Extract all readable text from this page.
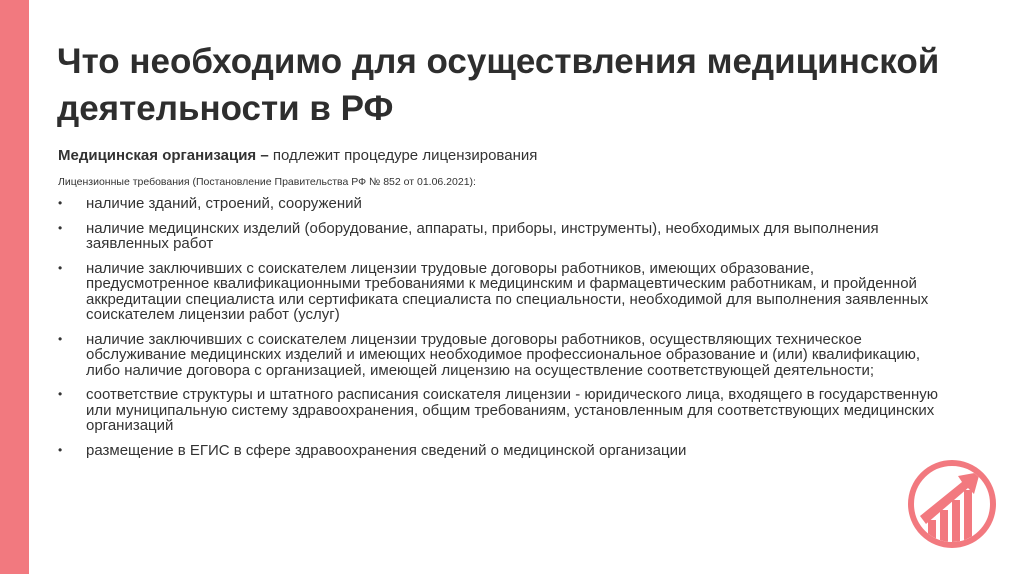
Что необходимо для осуществления медицинской деятельности в РФ
Медицинская организация – подлежит процедуре лицензирования
Лицензионные требования (Постановление Правительства РФ № 852 от 01.06.2021):
• наличие зданий, строений, сооружений
• наличие медицинских изделий (оборудование, аппараты, приборы, инструменты), необходимых для выполнения заявленных работ
• наличие заключивших с соискателем лицензии трудовые договоры работников, имеющих образование, предусмотренное квалификационными требованиями к медицинским и фармацевтическим работникам, и пройденной аккредитации специалиста или сертификата специалиста по специальности, необходимой для выполнения заявленных соискателем лицензии работ (услуг)
• наличие заключивших с соискателем лицензии трудовые договоры работников, осуществляющих техническое обслуживание медицинских изделий и имеющих необходимое профессиональное образование и (или) квалификацию, либо наличие договора с организацией, имеющей лицензию на осуществление соответствующей деятельности;
• соответствие структуры и штатного расписания соискателя лицензии - юридического лица, входящего в государственную или муниципальную систему здравоохранения, общим требованиям, установленным для соответствующих медицинских организаций
• размещение в ЕГИС в сфере здравоохранения сведений о медицинской организации
